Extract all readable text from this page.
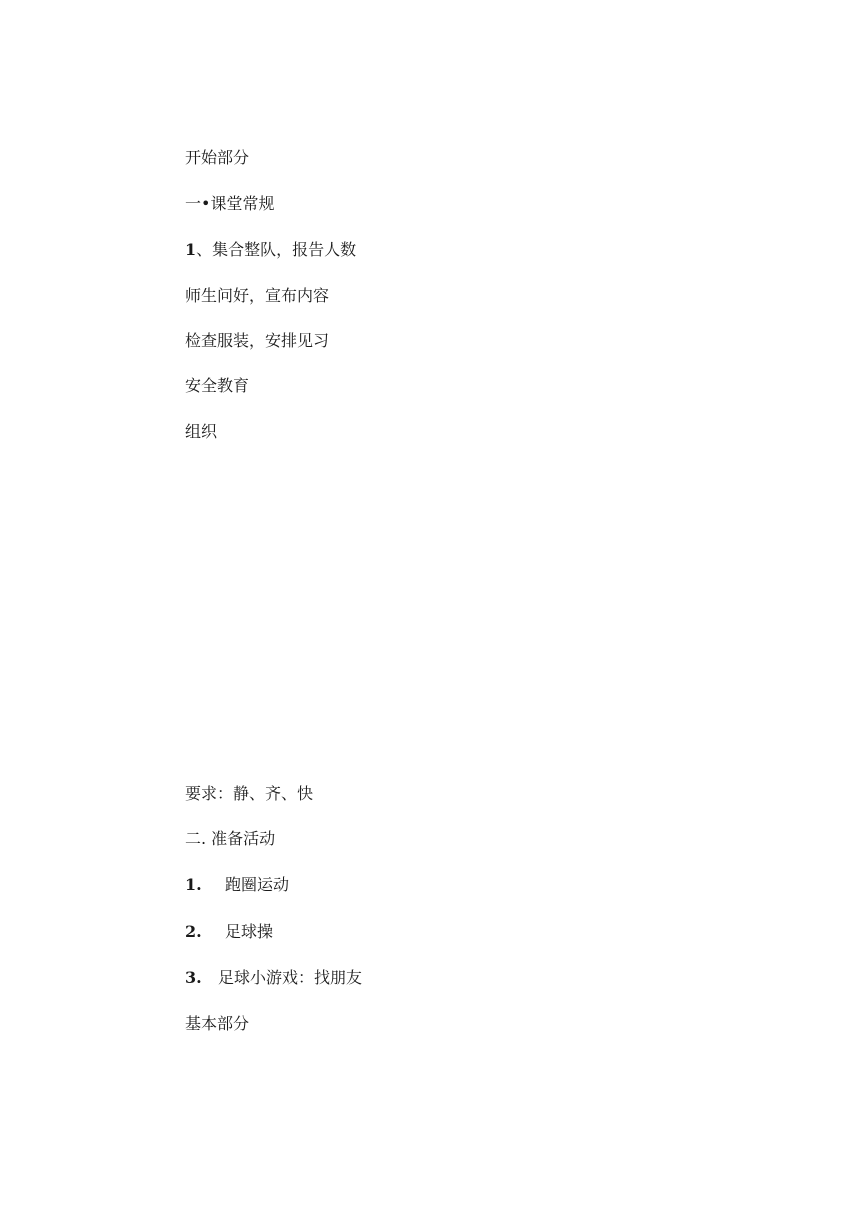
开始部分
一•课堂常规
1、集合整队，报告人数
师生问好，宣布内容
检查服装，安排见习
安全教育
组织
要求：静、齐、快
二. 准备活动
1. 跑圈运动
2. 足球操
3. 足球小游戏：找朋友
基本部分
